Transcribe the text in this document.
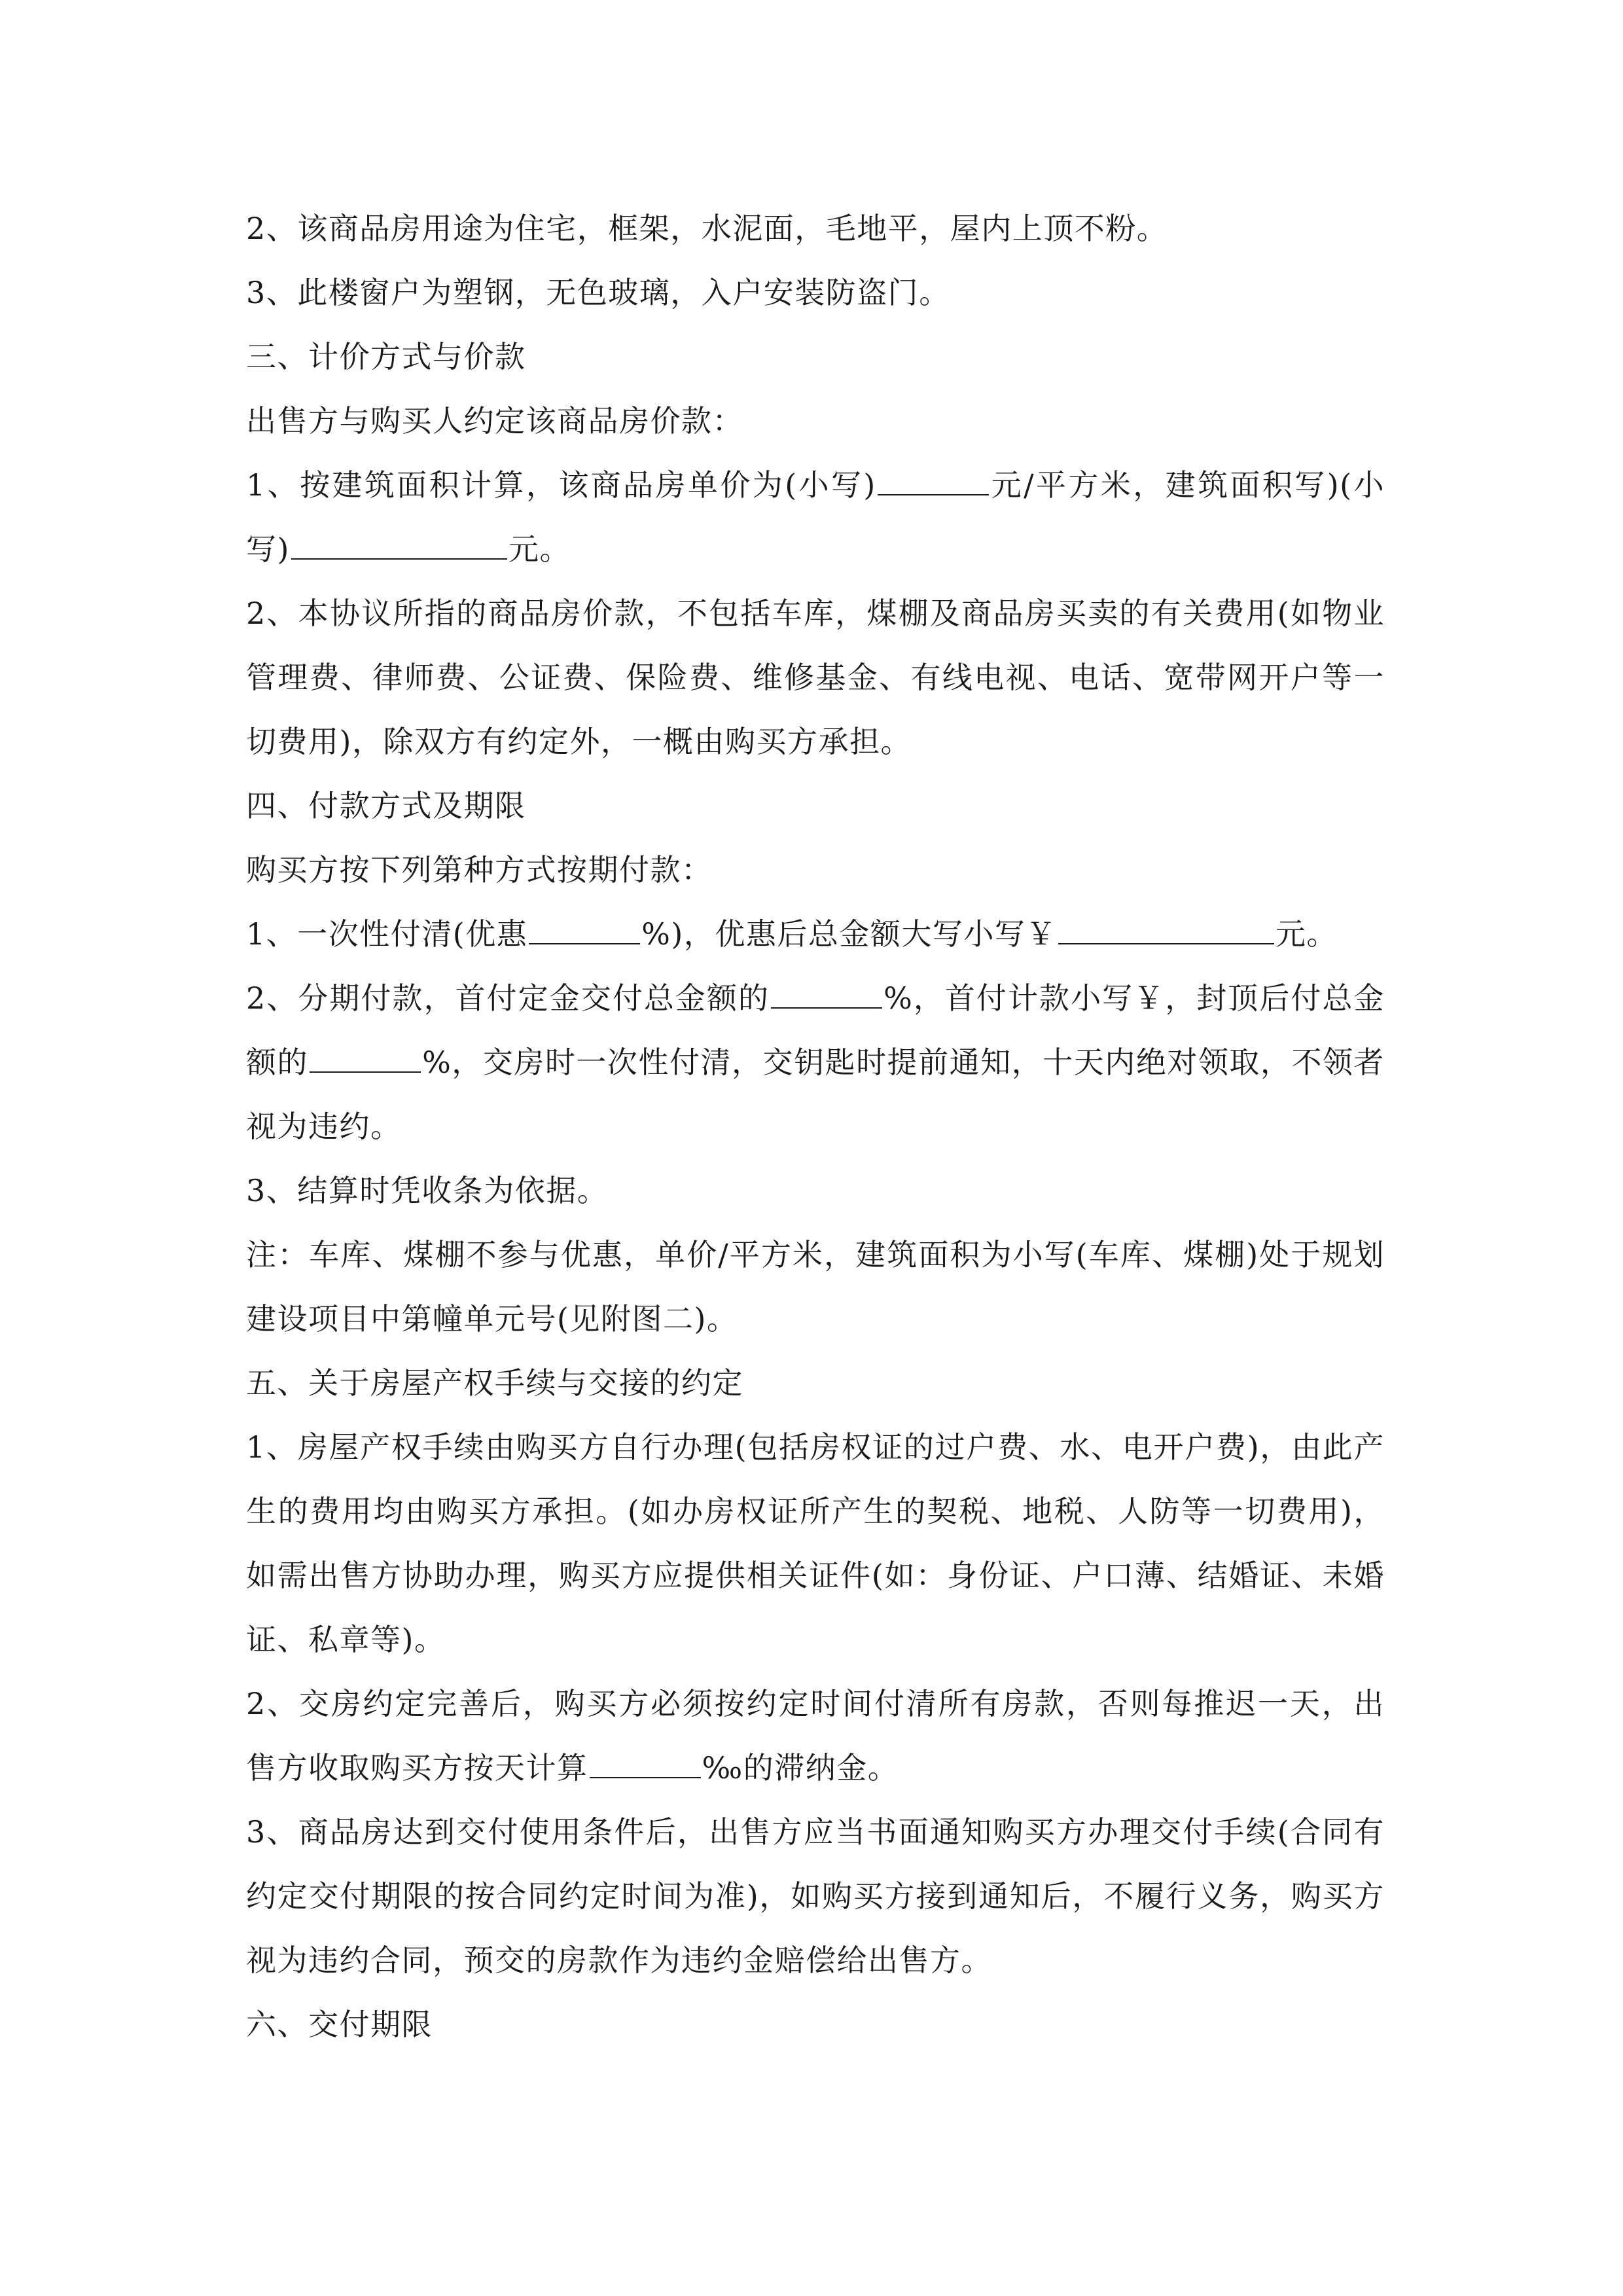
2、该商品房用途为住宅，框架，水泥面，毛地平，屋内上顶不粉。

3、此楼窗户为塑钢，无色玻璃，入户安装防盗门。

三、计价方式与价款

出售方与购买人约定该商品房价款：

1、按建筑面积计算，该商品房单价为(小写)	元/平方米，建筑面积写)(小写)	元。

2、本协议所指的商品房价款，不包括车库，煤棚及商品房买卖的有关费用(如物业管理费、律师费、公证费、保险费、维修基金、有线电视、电话、宽带网开户等一切费用)，除双方有约定外，一概由购买方承担。

四、付款方式及期限

购买方按下列第种方式按期付款：

1、一次性付清(优惠	%)，优惠后总金额大写小写￥	元。

2、分期付款，首付定金交付总金额的	%，首付计款小写￥，封顶后付总金额的	%，交房时一次性付清，交钥匙时提前通知，十天内绝对领取，不领者视为违约。

3、结算时凭收条为依据。

注：车库、煤棚不参与优惠，单价/平方米，建筑面积为小写(车库、煤棚)处于规划建设项目中第幢单元号(见附图二)。

五、关于房屋产权手续与交接的约定

1、房屋产权手续由购买方自行办理(包括房权证的过户费、水、电开户费)，由此产生的费用均由购买方承担。(如办房权证所产生的契税、地税、人防等一切费用)，如需出售方协助办理，购买方应提供相关证件(如：身份证、户口薄、结婚证、未婚证、私章等)。

2、交房约定完善后，购买方必须按约定时间付清所有房款，否则每推迟一天，出售方收取购买方按天计算	‰的滞纳金。

3、商品房达到交付使用条件后，出售方应当书面通知购买方办理交付手续(合同有约定交付期限的按合同约定时间为准)，如购买方接到通知后，不履行义务，购买方视为违约合同，预交的房款作为违约金赔偿给出售方。

六、交付期限
